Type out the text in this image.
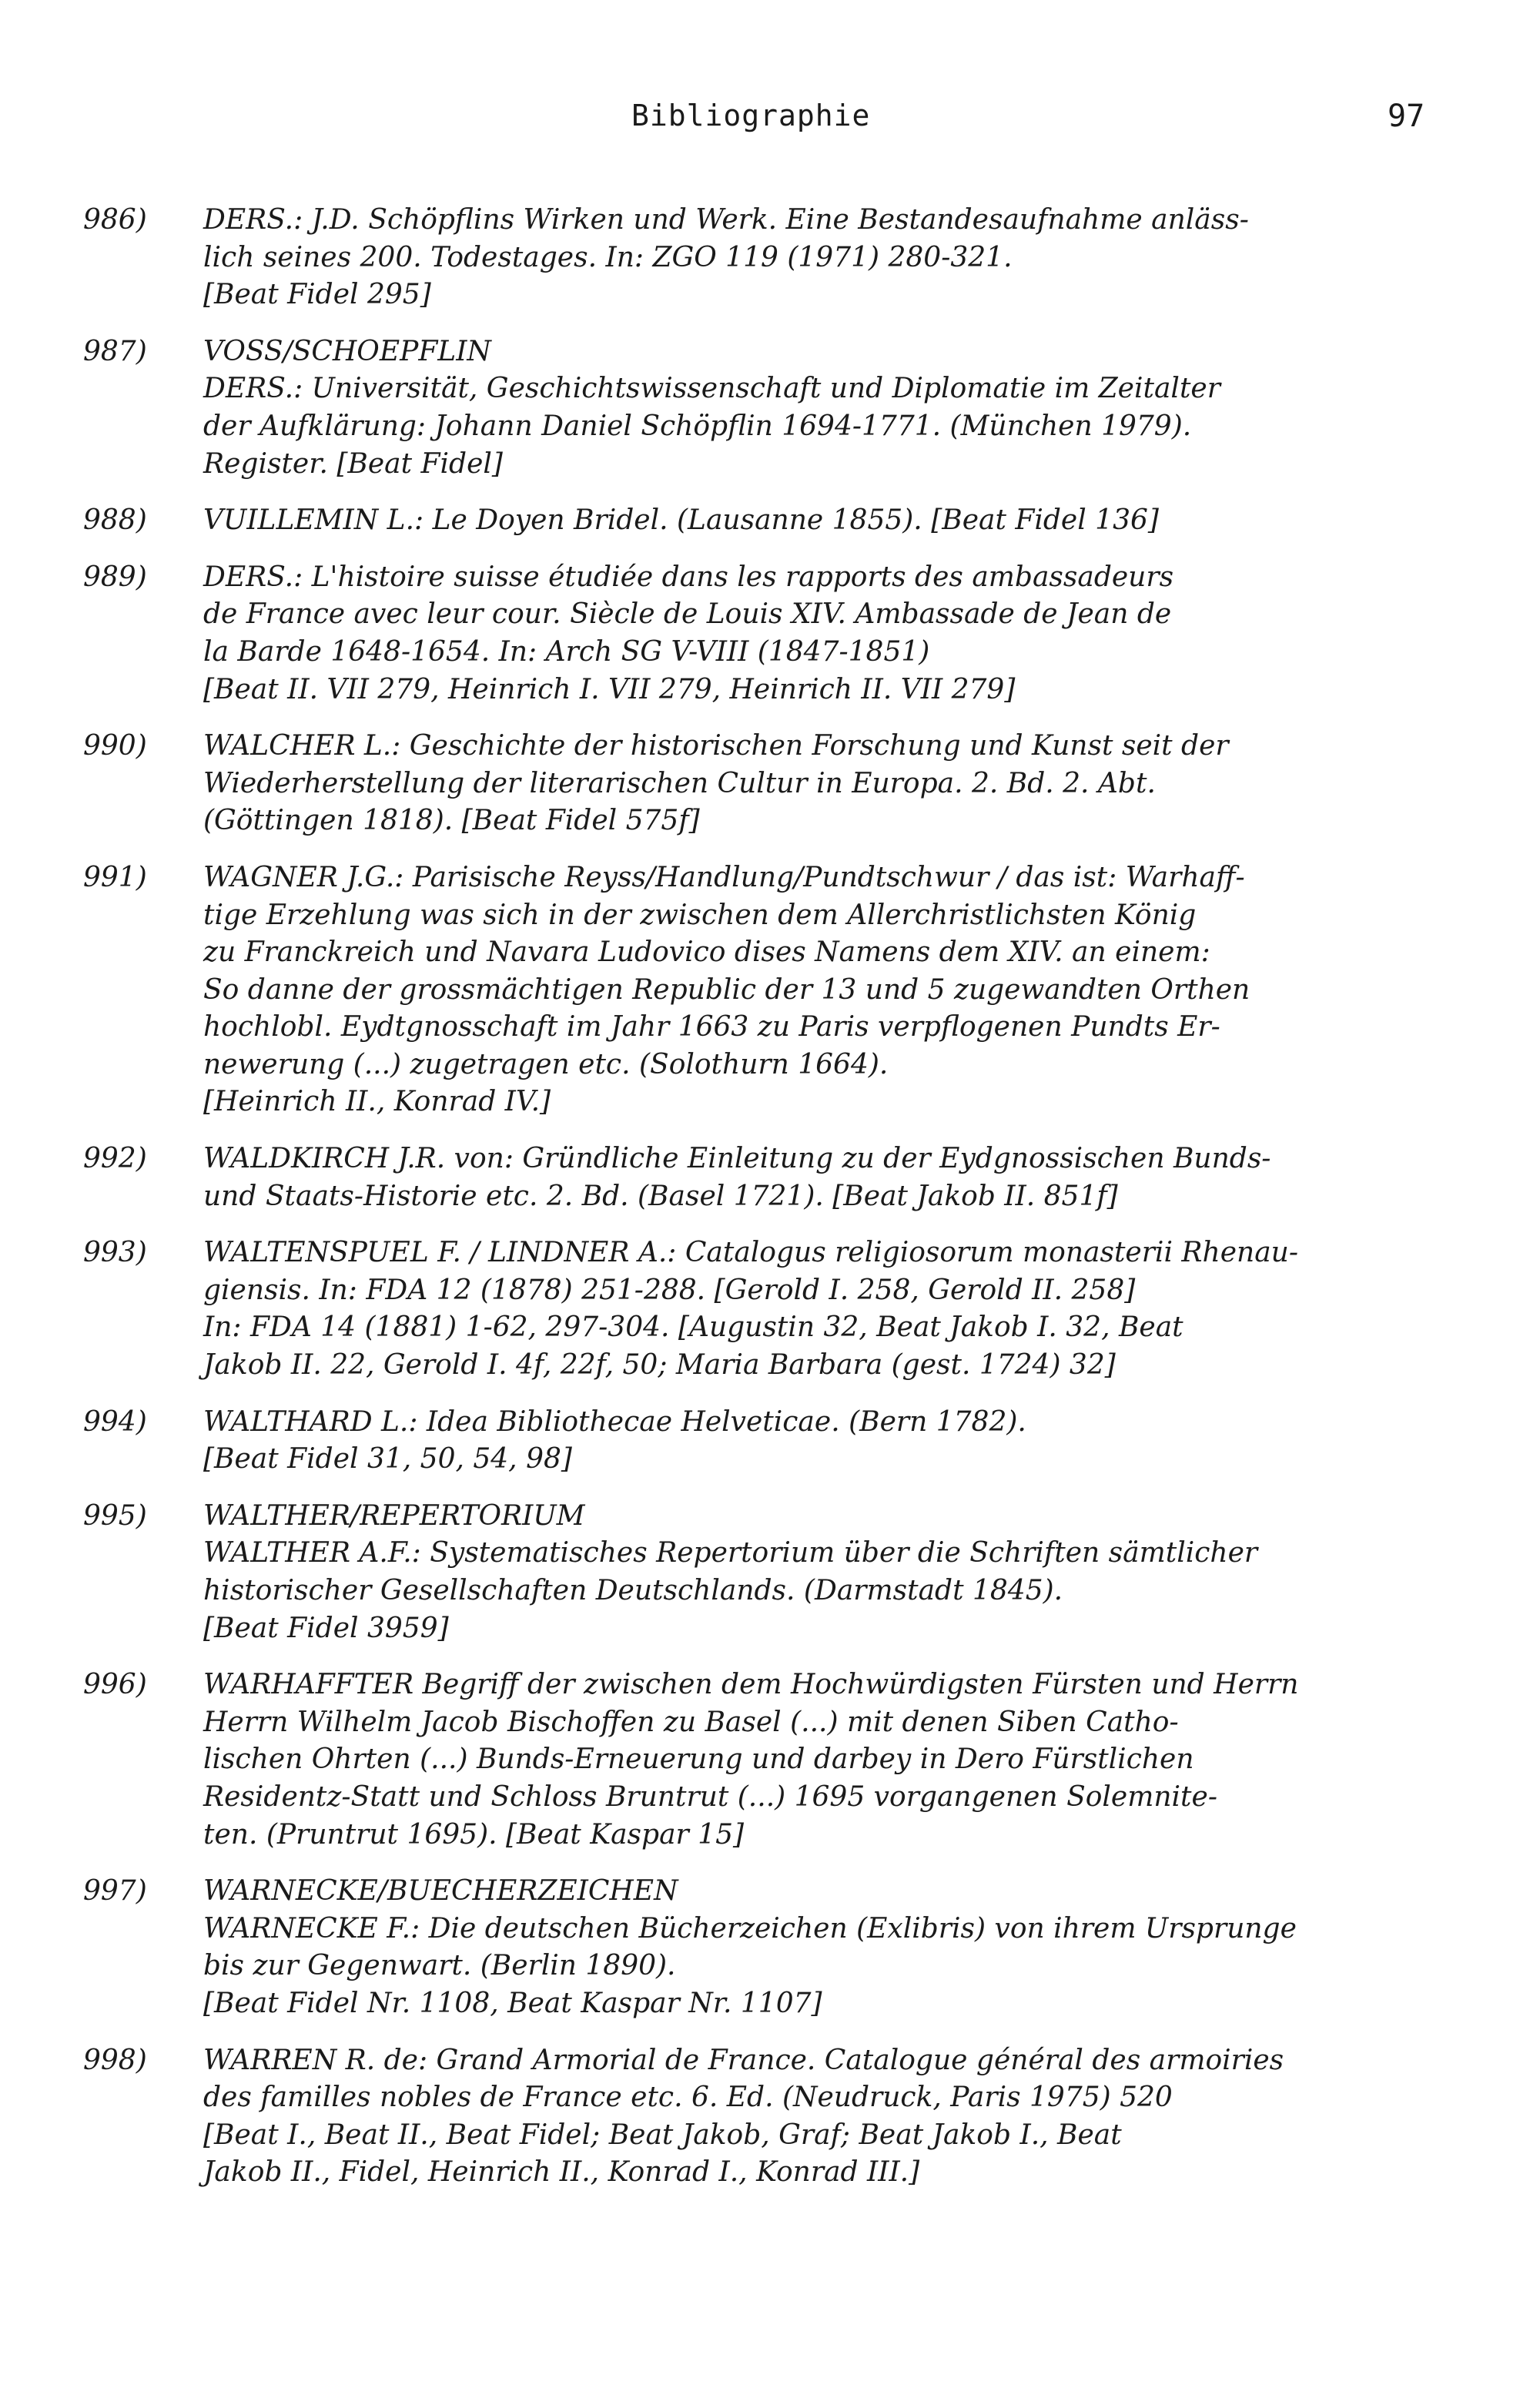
Bibliographie	97
986) DERS.: J.D. Schöpflins Wirken und Werk. Eine Bestandesaufnahme anläss-
lich seines 200. Todestages. In: ZGO 119 (1971) 280-321.
[Beat Fidel 295]
987) VOSS/SCHOEPFLIN
DERS.: Universität, Geschichtswissenschaft und Diplomatie im Zeitalter
der Aufklärung: Johann Daniel Schöpflin 1694-1771. (München 1979).
Register. [Beat Fidel]
988) VUILLEMIN L.: Le Doyen Bridel. (Lausanne 1855). [Beat Fidel 136]
989) DERS.: L'histoire suisse étudiée dans les rapports des ambassadeurs
de France avec leur cour. Siècle de Louis XIV. Ambassade de Jean de
la Barde 1648-1654. In: Arch SG V-VIII (1847-1851)
[Beat II. VII 279, Heinrich I. VII 279, Heinrich II. VII 279]
990) WALCHER L.: Geschichte der historischen Forschung und Kunst seit der
Wiederherstellung der literarischen Cultur in Europa. 2. Bd. 2. Abt.
(Göttingen 1818). [Beat Fidel 575f]
991) WAGNER J.G.: Parisische Reyss/Handlung/Pundtschwur / das ist: Warhaff-
tige Erzehlung was sich in der zwischen dem Allerchristlichsten König
zu Franckreich und Navara Ludovico dises Namens dem XIV. an einem:
So danne der grossmächtigen Republic der 13 und 5 zugewandten Orthen
hochlobl. Eydtgnosschaft im Jahr 1663 zu Paris verpflogenen Pundts Er-
newerung (...) zugetragen etc. (Solothurn 1664).
[Heinrich II., Konrad IV.]
992) WALDKIRCH J.R. von: Gründliche Einleitung zu der Eydgnossischen Bunds-
und Staats-Historie etc. 2. Bd. (Basel 1721). [Beat Jakob II. 851f]
993) WALTENSPUEL F. / LINDNER A.: Catalogus religiosorum monasterii Rhenau-
giensis. In: FDA 12 (1878) 251-288. [Gerold I. 258, Gerold II. 258]
In: FDA 14 (1881) 1-62, 297-304. [Augustin 32, Beat Jakob I. 32, Beat
Jakob II. 22, Gerold I. 4f, 22f, 50; Maria Barbara (gest. 1724) 32]
994) WALTHARD L.: Idea Bibliothecae Helveticae. (Bern 1782).
[Beat Fidel 31, 50, 54, 98]
995) WALTHER/REPERTORIUM
WALTHER A.F.: Systematisches Repertorium über die Schriften sämtlicher
historischer Gesellschaften Deutschlands. (Darmstadt 1845).
[Beat Fidel 3959]
996) WARHAFFTER Begriff der zwischen dem Hochwürdigsten Fürsten und Herrn
Herrn Wilhelm Jacob Bischoffen zu Basel (...) mit denen Siben Catho-
lischen Ohrten (...) Bunds-Erneuerung und darbey in Dero Fürstlichen
Residentz-Statt und Schloss Bruntrut (...) 1695 vorgangenen Solemnite-
ten. (Pruntrut 1695). [Beat Kaspar 15]
997) WARNECKE/BUECHERZEICHEN
WARNECKE F.: Die deutschen Bücherzeichen (Exlibris) von ihrem Ursprunge
bis zur Gegenwart. (Berlin 1890).
[Beat Fidel Nr. 1108, Beat Kaspar Nr. 1107]
998) WARREN R. de: Grand Armorial de France. Catalogue général des armoiries
des familles nobles de France etc. 6. Ed. (Neudruck, Paris 1975) 520
[Beat I., Beat II., Beat Fidel; Beat Jakob, Graf; Beat Jakob I., Beat
Jakob II., Fidel, Heinrich II., Konrad I., Konrad III.]
